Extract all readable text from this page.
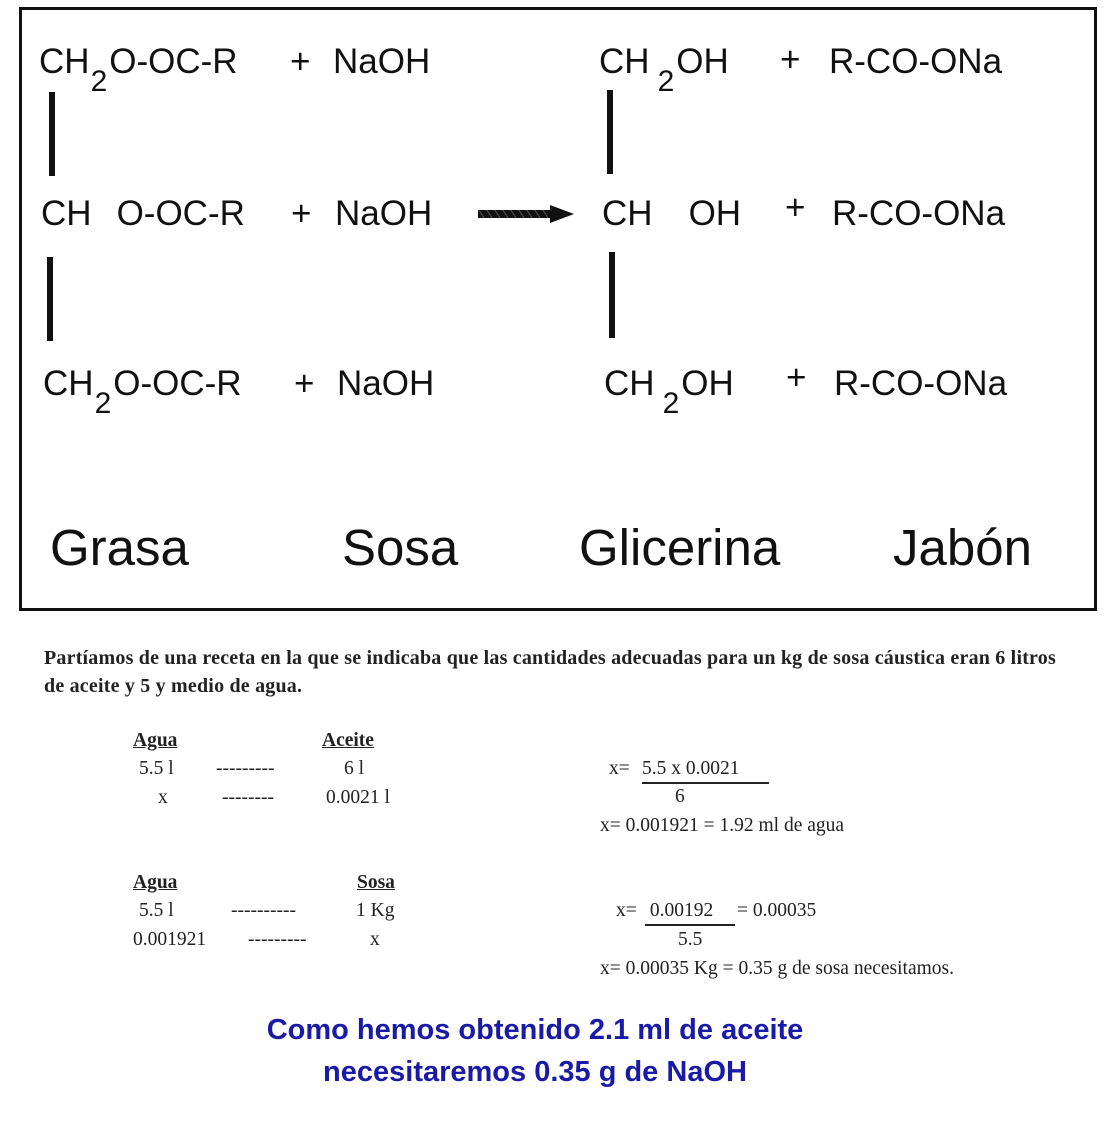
CH2O-OC-R + NaOH
CH O-OC-R + NaOH
CH2O-OC-R + NaOH
CH2OH + R-CO-ONa
CH OH + R-CO-ONa
CH2OH + R-CO-ONa
Grasa	Sosa Glicerina Jabón
Partíamos de una receta en la que se indicaba que las cantidades adecuadas para un kg de sosa cáustica eran 6 litros de aceite y 5 y medio de agua.
Agua	Aceite
5.5 l ---------	6 l
x	--------	0.0021 l
x= 5.5 x 0.0021
6
x= 0.001921 = 1.92 ml de agua
Agua	Sosa
5.5 l	----------	1 Kg
0.001921 ---------	x
x= 0.00192 = 0.00035
5.5
x= 0.00035 Kg = 0.35 g de sosa necesitamos.
Como hemos obtenido 2.1 ml de aceite
necesitaremos 0.35 g de NaOH
